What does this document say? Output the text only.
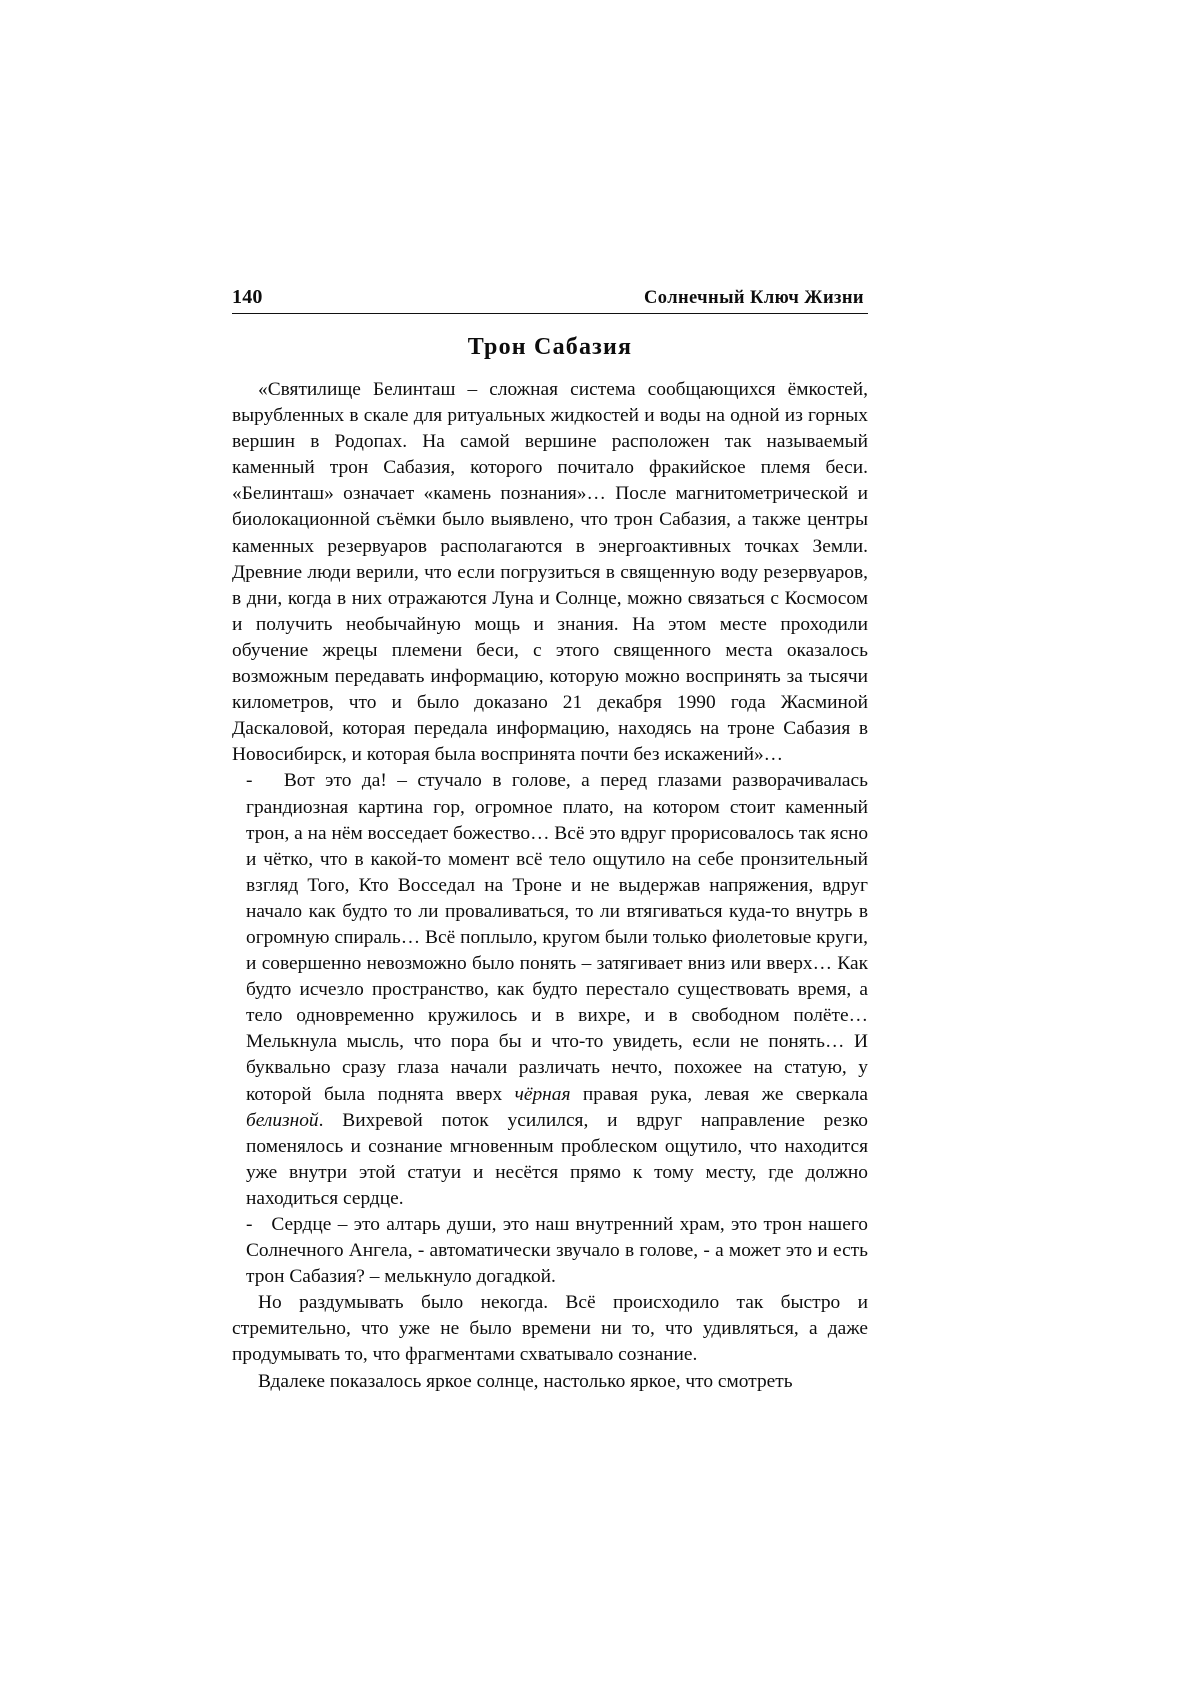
140	Солнечный Ключ Жизни
Трон Сабазия

«Святилище Белинташ – сложная система сообщающихся ёмкостей, вырубленных в скале для ритуальных жидкостей и воды на одной из горных вершин в Родопах. На самой вершине расположен так называемый каменный трон Сабазия, которого почитало фракийское племя беси. «Белинташ» означает «камень познания»… После магнитометрической и биолокационной съёмки было выявлено, что трон Сабазия, а также центры каменных резервуаров располагаются в энергоактивных точках Земли. Древние люди верили, что если погрузиться в священную воду резервуаров, в дни, когда в них отражаются Луна и Солнце, можно связаться с Космосом и получить необычайную мощь и знания. На этом месте проходили обучение жрецы племени беси, с этого священного места оказалось возможным передавать информацию, которую можно воспринять за тысячи километров, что и было доказано 21 декабря 1990 года Жасминой Даскаловой, которая передала информацию, находясь на троне Сабазия в Новосибирск, и которая была воспринята почти без искажений»…

-   Вот это да! – стучало в голове, а перед глазами разворачивалась грандиозная картина гор, огромное плато, на котором стоит каменный трон, а на нём восседает божество… Всё это вдруг прорисовалось так ясно и чётко, что в какой-то момент всё тело ощутило на себе пронзительный взгляд Того, Кто Восседал на Троне и не выдержав напряжения, вдруг начало как будто то ли проваливаться, то ли втягиваться куда-то внутрь в огромную спираль… Всё поплыло, кругом были только фиолетовые круги, и совершенно невозможно было понять – затягивает вниз или вверх… Как будто исчезло пространство, как будто перестало существовать время, а тело одновременно кружилось и в вихре, и в свободном полёте… Мелькнула мысль, что пора бы и что-то увидеть, если не понять… И буквально сразу глаза начали различать нечто, похожее на статую, у которой была поднята вверх чёрная правая рука, левая же сверкала белизной. Вихревой поток усилился, и вдруг направление резко поменялось и сознание мгновенным проблеском ощутило, что находится уже внутри этой статуи и несётся прямо к тому месту, где должно находиться сердце.

-   Сердце – это алтарь души, это наш внутренний храм, это трон нашего Солнечного Ангела, - автоматически звучало в голове, - а может это и есть трон Сабазия? – мелькнуло догадкой.

Но раздумывать было некогда. Всё происходило так быстро и стремительно, что уже не было времени ни то, что удивляться, а даже продумывать то, что фрагментами схватывало сознание.

Вдалеке показалось яркое солнце, настолько яркое, что смотреть
